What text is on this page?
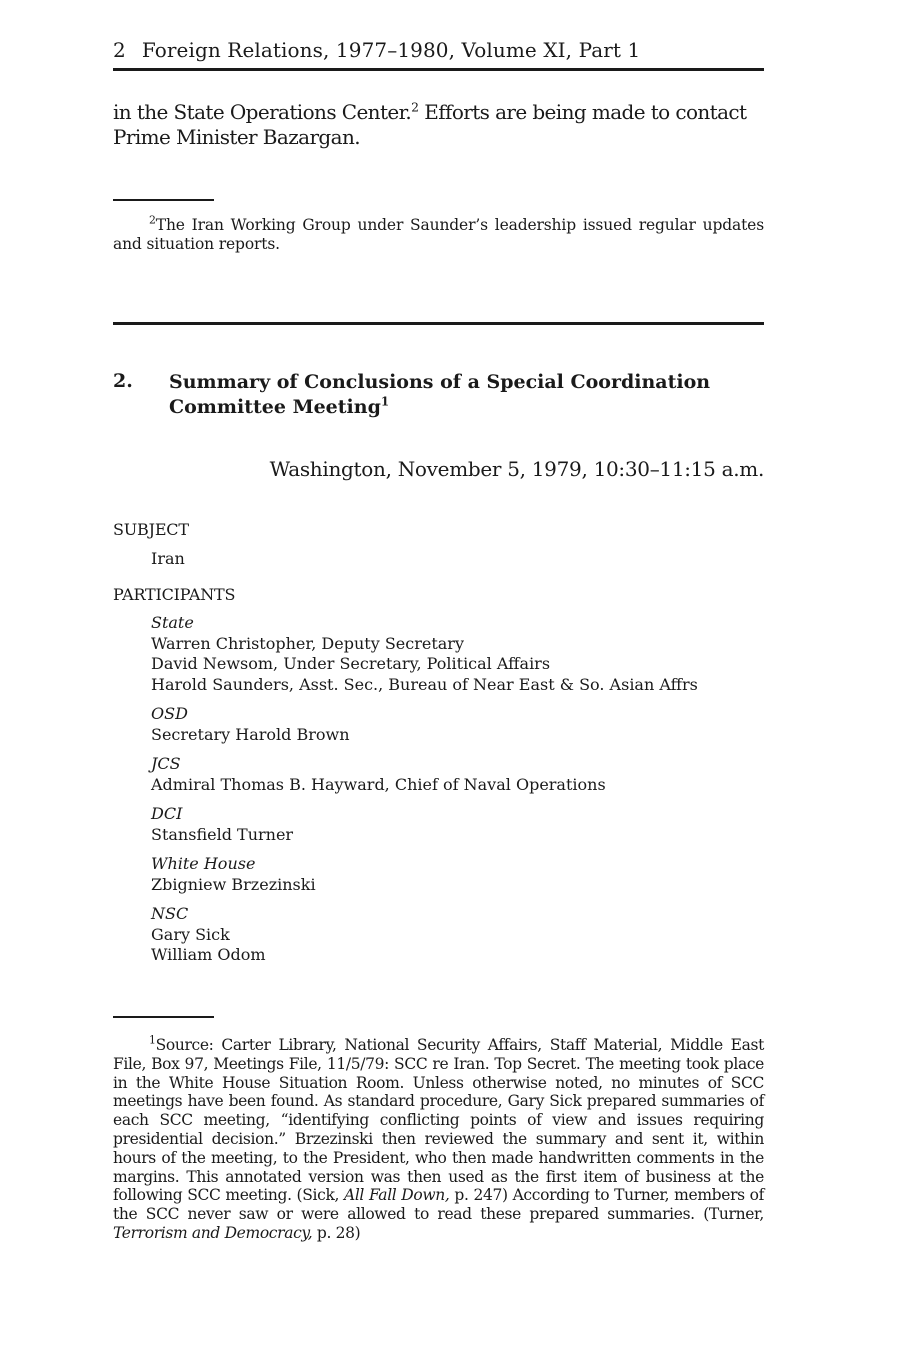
2 Foreign Relations, 1977–1980, Volume XI, Part 1
in the State Operations Center.$^2$ Efforts are being made to contact Prime Minister Bazargan.
$^2$The Iran Working Group under Saunder’s leadership issued regular updates and situation reports.
2. Summary of Conclusions of a Special Coordination Committee Meeting$^1$
Washington, November 5, 1979, 10:30–11:15 a.m.
SUBJECT
Iran
PARTICIPANTS
State
Warren Christopher, Deputy Secretary
David Newsom, Under Secretary, Political Affairs
Harold Saunders, Asst. Sec., Bureau of Near East & So. Asian Affrs
OSD
Secretary Harold Brown
JCS
Admiral Thomas B. Hayward, Chief of Naval Operations
DCI
Stansfield Turner
White House
Zbigniew Brzezinski
NSC
Gary Sick
William Odom
$^1$Source: Carter Library, National Security Affairs, Staff Material, Middle East File, Box 97, Meetings File, 11/5/79: SCC re Iran. Top Secret. The meeting took place in the White House Situation Room. Unless otherwise noted, no minutes of SCC meetings have been found. As standard procedure, Gary Sick prepared summaries of each SCC meeting, “identifying conflicting points of view and issues requiring presidential decision.” Brzezinski then reviewed the summary and sent it, within hours of the meeting, to the President, who then made handwritten comments in the margins. This annotated version was then used as the first item of business at the following SCC meeting. (Sick, All Fall Down, p. 247) According to Turner, members of the SCC never saw or were allowed to read these prepared summaries. (Turner, Terrorism and Democracy, p. 28)
